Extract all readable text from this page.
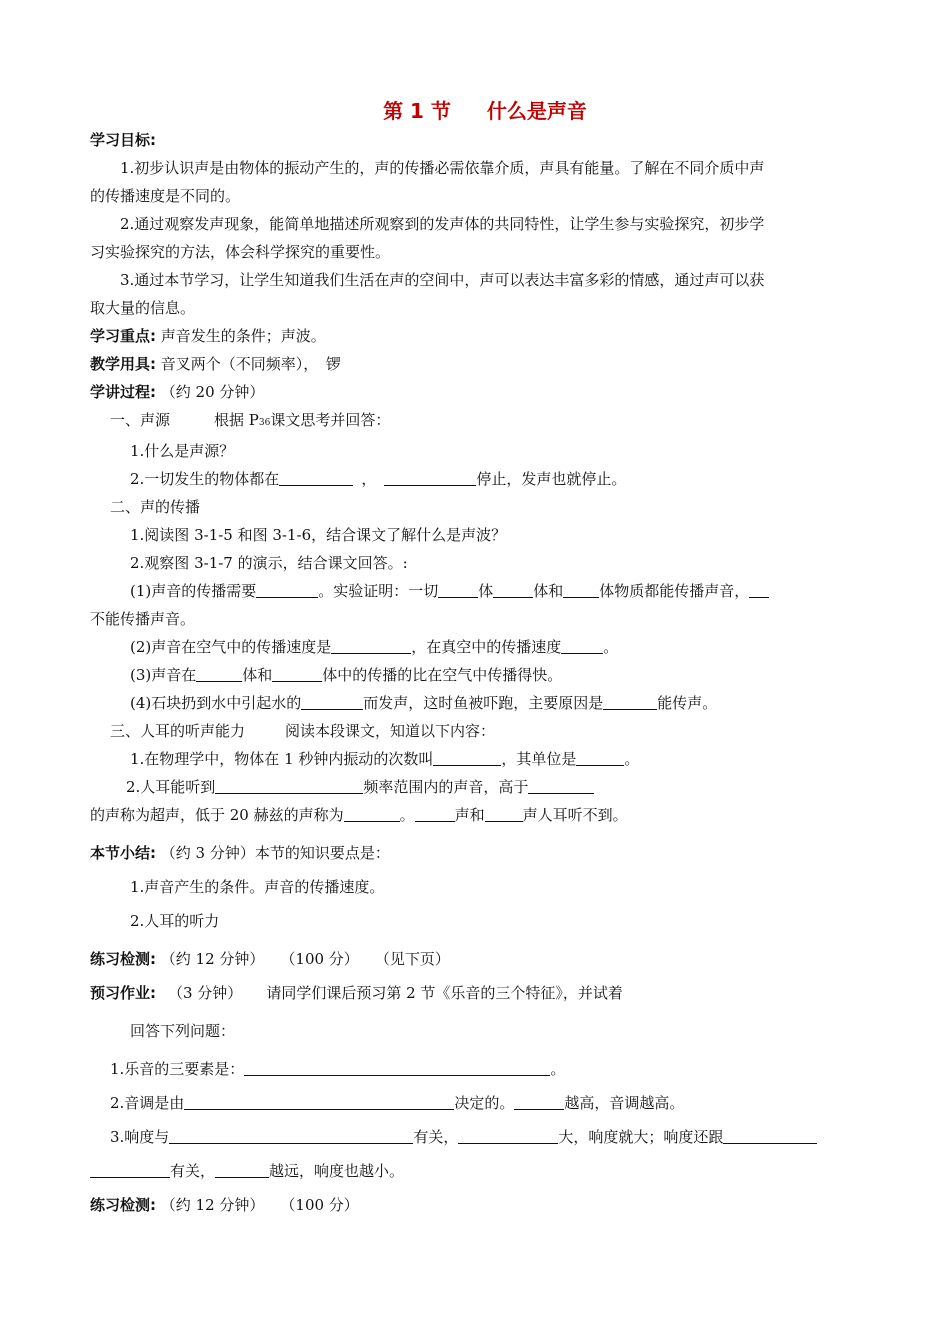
第 1 节 什么是声音
学习目标:
1.初步认识声是由物体的振动产生的，声的传播必需依靠介质，声具有能量。了解在不同介质中声
的传播速度是不同的。
2.通过观察发声现象，能简单地描述所观察到的发声体的共同特性，让学生参与实验探究，初步学
习实验探究的方法，体会科学探究的重要性。
3.通过本节学习，让学生知道我们生活在声的空间中，声可以表达丰富多彩的情感，通过声可以获
取大量的信息。
学习重点: 声音发生的条件；声波。
教学用具: 音叉两个（不同频率），　锣
学讲过程: （约 20 分钟）
一、声源	根据 P36课文思考并回答：
1.什么是声源？
2.一切发生的物体都在	，	停止，发声也就停止。
二、声的传播
1.阅读图 3-1-5 和图 3-1-6，结合课文了解什么是声波？
2.观察图 3-1-7 的演示，结合课文回答。:
(1)声音的传播需要	。实验证明：一切	体	体和 体物质都能传播声音，
不能传播声音。
(2)声音在空气中的传播速度是	，在真空中的传播速度	。
(3)声音在	体和	体中的传播的比在空气中传播得快。
(4)石块扔到水中引起水的	而发声，这时鱼被吓跑，主要原因是	能传声。
三、人耳的听声能力	阅读本段课文，知道以下内容：
1.在物理学中，物体在 1 秒钟内振动的次数叫	，其单位是	。
2.人耳能听到	频率范围内的声音，高于
的声称为超声，低于 20 赫兹的声称为	。	声和	声人耳听不到。
本节小结: （约 3 分钟）本节的知识要点是：
1.声音产生的条件。声音的传播速度。
2.人耳的听力
练习检测: （约 12 分钟） （100 分） （见下页）
预习作业: （3 分钟） 请同学们课后预习第 2 节《乐音的三个特征》，并试着
回答下列问题：
1.乐音的三要素是：	。
2.音调是由	决定的。	越高，音调越高。
3.响度与	有关，	大，响度就大；响度还跟
有关，	越远，响度也越小。
练习检测: （约 12 分钟） （100 分）
